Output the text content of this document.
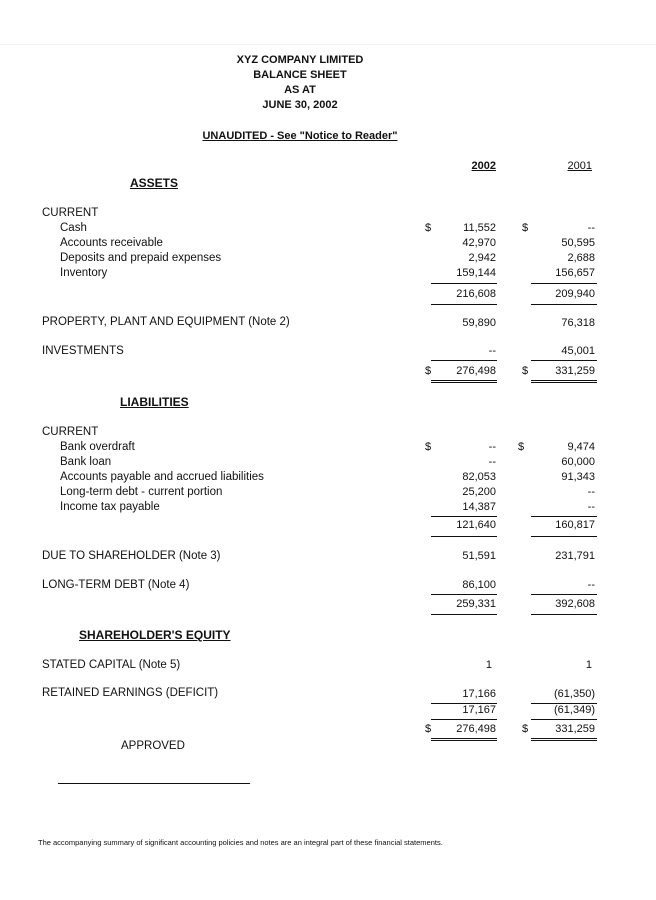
XYZ COMPANY LIMITED
BALANCE SHEET
AS AT
JUNE 30, 2002
UNAUDITED - See "Notice to Reader"
2002	2001
ASSETS
CURRENT
Cash	$	11,552 $	--
Accounts receivable	42,970	50,595
Deposits and prepaid expenses	2,942	2,688
Inventory	159,144	156,657
216,608	209,940
PROPERTY, PLANT AND EQUIPMENT (Note 2)	59,890	76,318
INVESTMENTS	--	45,001
$ 276,498 $ 331,259
LIABILITIES
CURRENT
Bank overdraft	$	-- $	9,474
Bank loan	--	60,000
Accounts payable and accrued liabilities	82,053	91,343
Long-term debt - current portion	25,200	--
Income tax payable	14,387	--
121,640	160,817
DUE TO SHAREHOLDER (Note 3)	51,591	231,791
LONG-TERM DEBT (Note 4)	86,100	--
259,331	392,608
SHAREHOLDER'S EQUITY
STATED CAPITAL (Note 5)	1	1
RETAINED EARNINGS (DEFICIT)	17,166	(61,350)
17,167	(61,349)
$ 276,498 $ 331,259
APPROVED
The accompanying summary of significant accounting policies and notes are an integral part of these financial statements.
